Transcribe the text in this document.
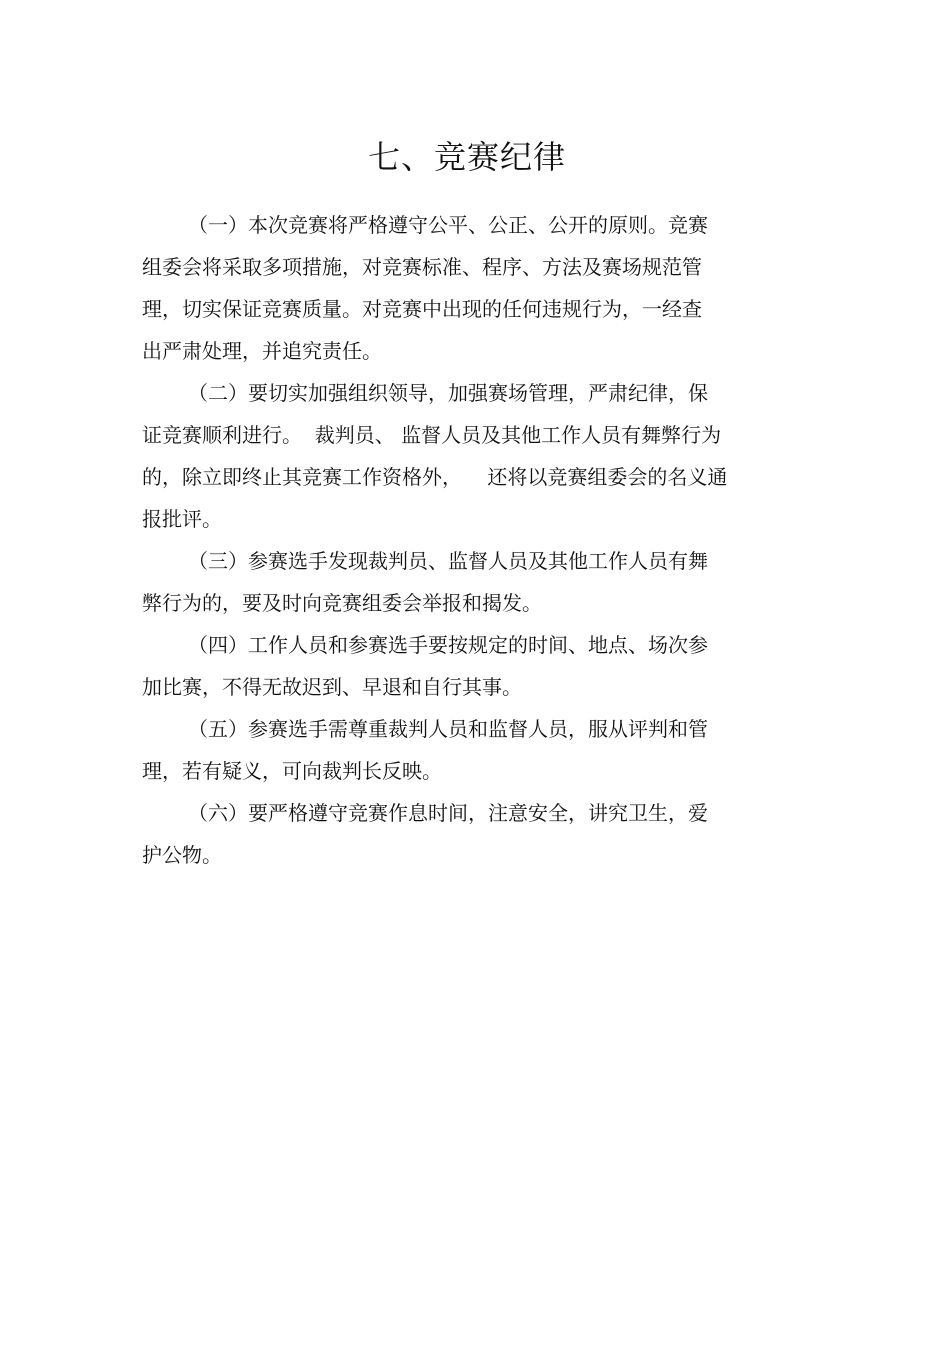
七、竞赛纪律
（一）本次竞赛将严格遵守公平、公正、公开的原则。竞赛
组委会将采取多项措施，对竞赛标准、程序、方法及赛场规范管
理，切实保证竞赛质量。对竞赛中出现的任何违规行为，一经查
出严肃处理，并追究责任。
（二）要切实加强组织领导，加强赛场管理，严肃纪律，保
证竞赛顺利进行。  裁判员、 监督人员及其他工作人员有舞弊行为
的，除立即终止其竞赛工作资格外，    还将以竞赛组委会的名义通
报批评。
（三）参赛选手发现裁判员、监督人员及其他工作人员有舞
弊行为的，要及时向竞赛组委会举报和揭发。
（四）工作人员和参赛选手要按规定的时间、地点、场次参
加比赛，不得无故迟到、早退和自行其事。
（五）参赛选手需尊重裁判人员和监督人员，服从评判和管
理，若有疑义，可向裁判长反映。
（六）要严格遵守竞赛作息时间，注意安全，讲究卫生，爱
护公物。
